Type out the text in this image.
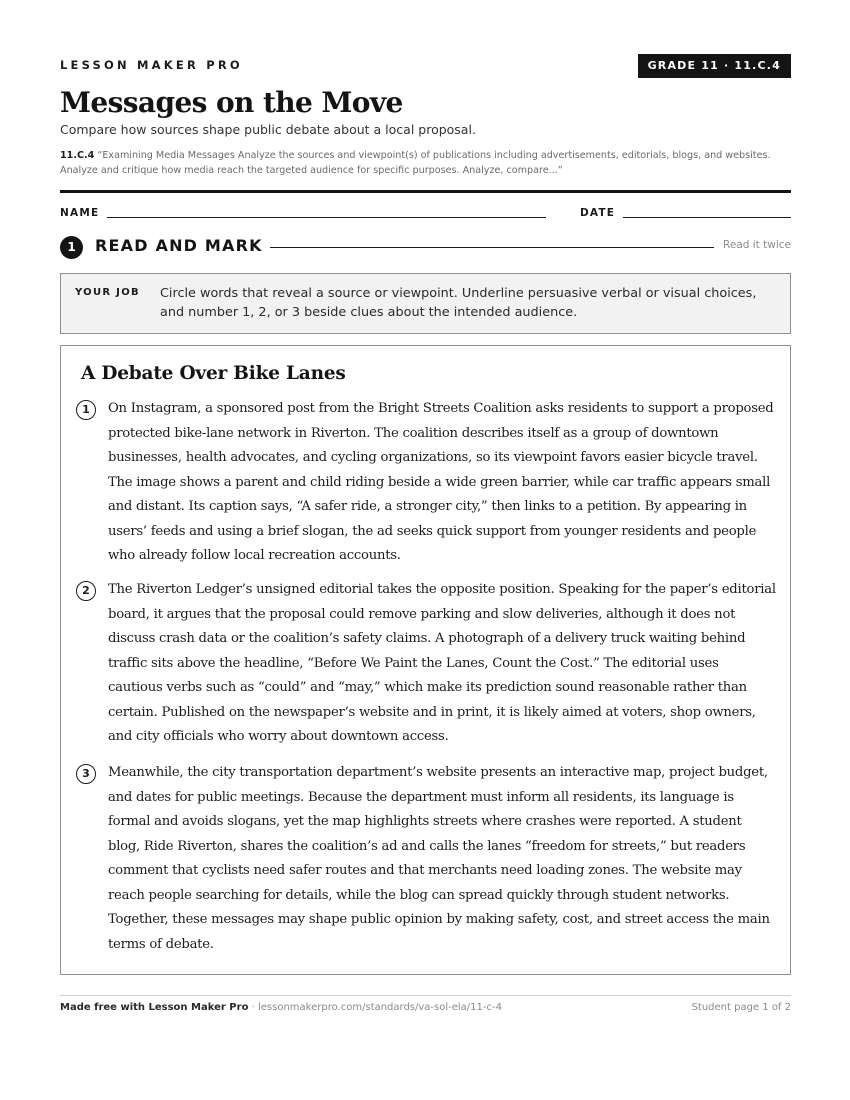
LESSON MAKER PRO	GRADE 11 · 11.C.4
Messages on the Move
Compare how sources shape public debate about a local proposal.
11.C.4 “Examining Media Messages Analyze the sources and viewpoint(s) of publications including advertisements, editorials, blogs, and websites. Analyze and critique how media reach the targeted audience for specific purposes. Analyze, compare...”
NAME	DATE
1	READ AND MARK	Read it twice
YOUR JOB Circle words that reveal a source or viewpoint. Underline persuasive verbal or visual choices, and number 1, 2, or 3 beside clues about the intended audience.
A Debate Over Bike Lanes
1	On Instagram, a sponsored post from the Bright Streets Coalition asks residents to support a proposed protected bike-lane network in Riverton. The coalition describes itself as a group of downtown businesses, health advocates, and cycling organizations, so its viewpoint favors easier bicycle travel. The image shows a parent and child riding beside a wide green barrier, while car traffic appears small and distant. Its caption says, “A safer ride, a stronger city,” then links to a petition. By appearing in users’ feeds and using a brief slogan, the ad seeks quick support from younger residents and people who already follow local recreation accounts.
2	The Riverton Ledger’s unsigned editorial takes the opposite position. Speaking for the paper’s editorial board, it argues that the proposal could remove parking and slow deliveries, although it does not discuss crash data or the coalition’s safety claims. A photograph of a delivery truck waiting behind traffic sits above the headline, “Before We Paint the Lanes, Count the Cost.” The editorial uses cautious verbs such as “could” and “may,” which make its prediction sound reasonable rather than certain. Published on the newspaper’s website and in print, it is likely aimed at voters, shop owners, and city officials who worry about downtown access.
3	Meanwhile, the city transportation department’s website presents an interactive map, project budget, and dates for public meetings. Because the department must inform all residents, its language is formal and avoids slogans, yet the map highlights streets where crashes were reported. A student blog, Ride Riverton, shares the coalition’s ad and calls the lanes “freedom for streets,” but readers comment that cyclists need safer routes and that merchants need loading zones. The website may reach people searching for details, while the blog can spread quickly through student networks. Together, these messages may shape public opinion by making safety, cost, and street access the main terms of debate.
Made free with Lesson Maker Pro · lessonmakerpro.com/standards/va-sol-ela/11-c-4	Student page 1 of 2
